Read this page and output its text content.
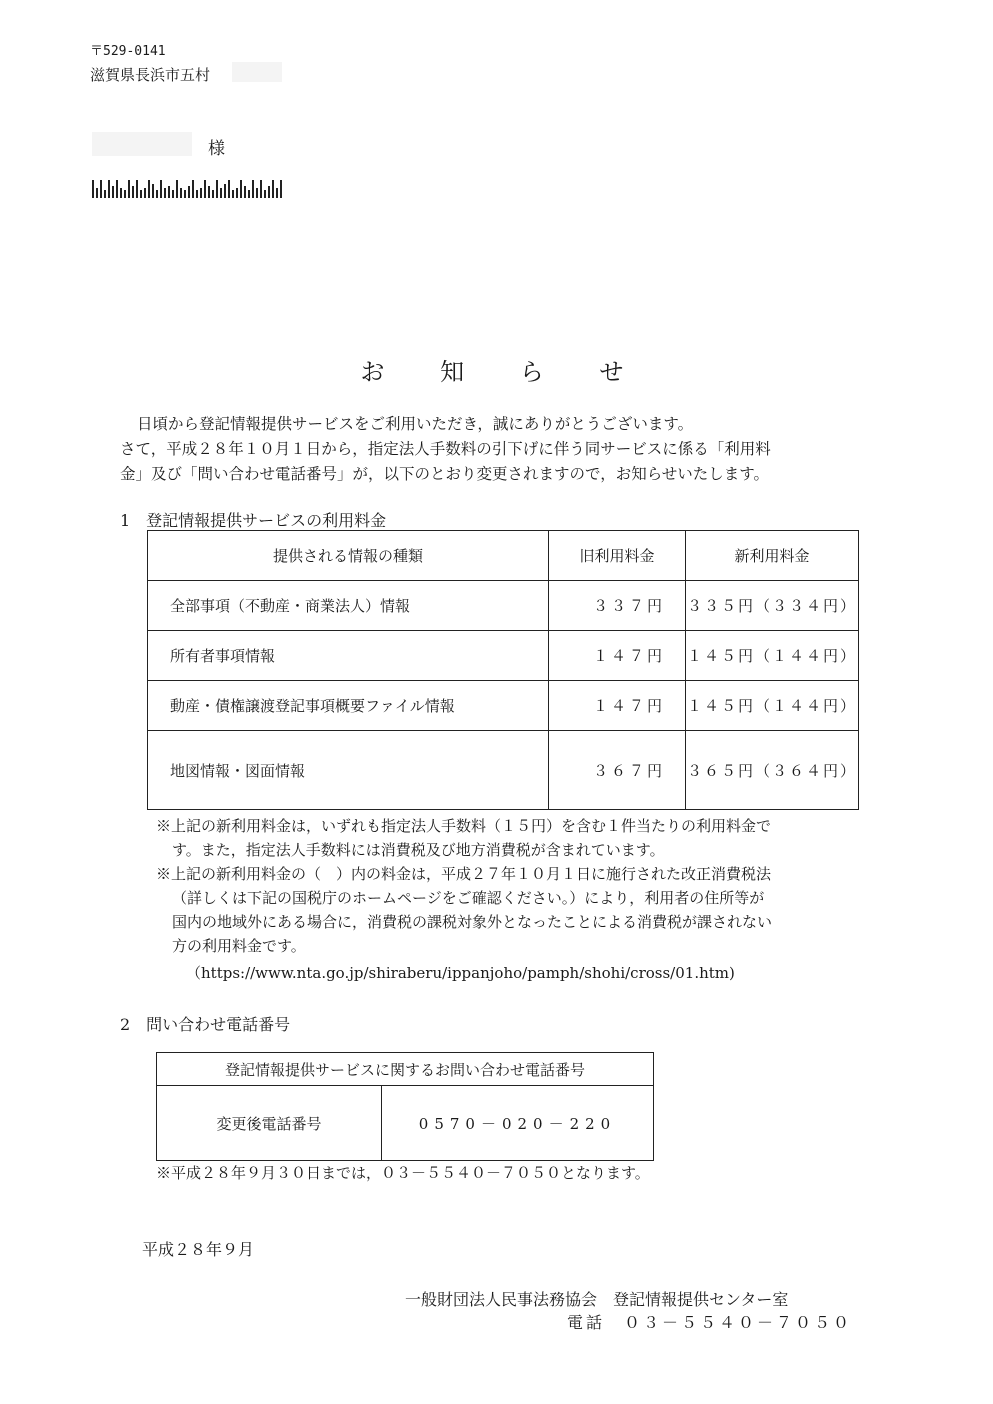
〒529-0141
滋賀県長浜市五村
様
お 知 ら せ
日頃から登記情報提供サービスをご利用いただき，誠にありがとうございます。
さて，平成２８年１０月１日から，指定法人手数料の引下げに伴う同サービスに係る「利用料
金」及び「問い合わせ電話番号」が，以下のとおり変更されますので，お知らせいたします。
1　登記情報提供サービスの利用料金
提供される情報の種類	旧利用料金	新利用料金
全部事項（不動産・商業法人）情報	３３７円	３３５円（３３４円）
所有者事項情報	１４７円	１４５円（１４４円）
動産・債権譲渡登記事項概要ファイル情報	１４７円	１４５円（１４４円）
地図情報・図面情報	３６７円	３６５円（３６４円）
※上記の新利用料金は，いずれも指定法人手数料（１５円）を含む１件当たりの利用料金で
す。また，指定法人手数料には消費税及び地方消費税が含まれています。
※上記の新利用料金の（　）内の料金は，平成２７年１０月１日に施行された改正消費税法
（詳しくは下記の国税庁のホームページをご確認ください。）により，利用者の住所等が
国内の地域外にある場合に，消費税の課税対象外となったことによる消費税が課されない
方の利用料金です。
（https://www.nta.go.jp/shiraberu/ippanjoho/pamph/shohi/cross/01.htm)
2　問い合わせ電話番号
登記情報提供サービスに関するお問い合わせ電話番号
変更後電話番号	0570－020－220
※平成２８年９月３０日までは，０３－５５４０－７０５０となります。
平成２８年９月
一般財団法人民事法務協会　登記情報提供センター室
電話　０３－５５４０－７０５０
